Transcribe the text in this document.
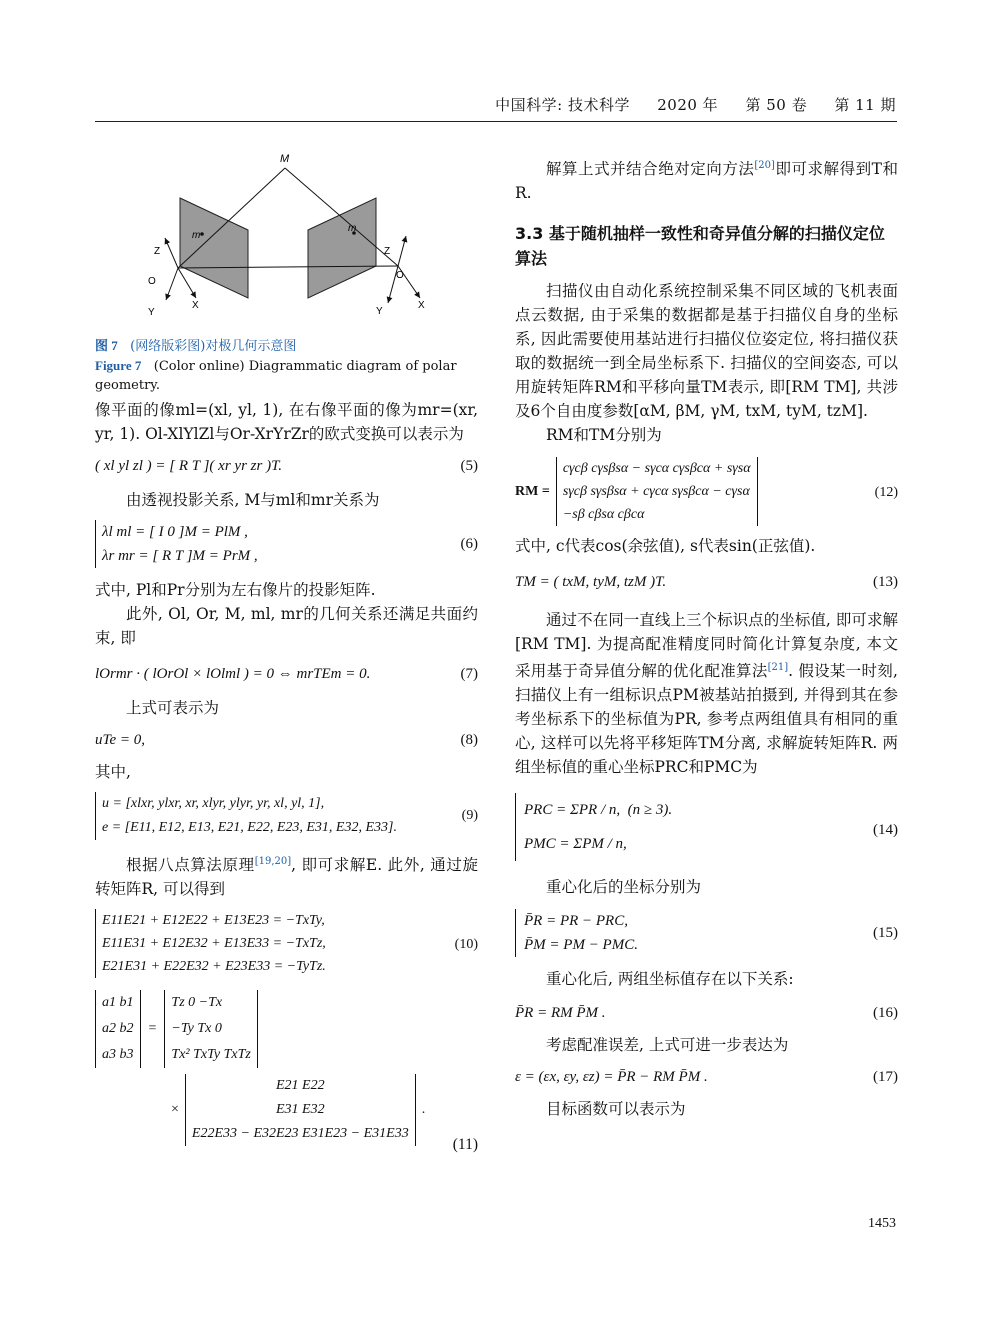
中国科学: 技术科学 2020 年 第 50 卷 第 11 期
M
m
m
Z
O
Y
X
Z
O
Y
X
图 7 (网络版彩图)对极几何示意图
Figure 7 (Color online) Diagrammatic diagram of polar geometry.

像平面的像ml=(xl, yl, 1), 在右像平面的像为mr=(xr, yr, 1). Ol-XlYlZl与Or-XrYrZr的欧式变换可以表示为

( xl yl zl ) = [ R T ]( xr yr zr )T.	(5)

由透视投影关系, M与ml和mr关系为

λl ml = [ I 0 ]M = PlM ,
λr mr = [ R T ]M = PrM ,
(6)

式中, Pl和Pr分别为左右像片的投影矩阵.

此外, Ol, Or, M, ml, mr的几何关系还满足共面约束, 即

lOrmr · ( lOrOl × lOlml ) = 0 ⇔ mrTEm = 0.	(7)

上式可表示为

uTe = 0,	(8)

其中,

u = [xlxr, ylxr, xr, xlyr, ylyr, yr, xl, yl, 1],
e = [E11, E12, E13, E21, E22, E23, E31, E32, E33].
(9)

根据八点算法原理[19,20], 即可求解E. 此外, 通过旋转矩阵R, 可以得到

E11E21 + E12E22 + E13E23 = −TxTy,
E11E31 + E12E32 + E13E33 = −TxTz,
E21E31 + E22E32 + E23E33 = −TyTz.
(10)
a1 b1
a2 b2
a3 b3
=
Tz 0 −Tx
−Ty Tx 0
Tx² TxTy TxTz
×
E21 E22
E31 E32
E22E33 − E32E23 E31E23 − E31E33
.
(11)

解算上式并结合绝对定向方法[20]即可求解得到T和R.

3.3 基于随机抽样一致性和奇异值分解的扫描仪定位算法

扫描仪由自动化系统控制采集不同区域的飞机表面点云数据, 由于采集的数据都是基于扫描仪自身的坐标系, 因此需要使用基站进行扫描仪位姿定位, 将扫描仪获取的数据统一到全局坐标系下. 扫描仪的空间姿态, 可以用旋转矩阵RM和平移向量TM表示, 即[RM TM], 共涉及6个自由度参数[αM, βM, γM, txM, tyM, tzM].

RM和TM分别为

RM =
cγcβ cγsβsα − sγcα cγsβcα + sγsα
sγcβ sγsβsα + cγcα sγsβcα − cγsα
−sβ cβsα cβcα
(12)

式中, c代表cos(余弦值), s代表sin(正弦值).

TM = ( txM, tyM, tzM )T.	(13)

通过不在同一直线上三个标识点的坐标值, 即可求解[RM TM]. 为提高配准精度同时简化计算复杂度, 本文采用基于奇异值分解的优化配准算法[21]. 假设某一时刻, 扫描仪上有一组标识点PM被基站拍摄到, 并得到其在参考坐标系下的坐标值为PR, 参考点两组值具有相同的重心, 这样可以先将平移矩阵TM分离, 求解旋转矩阵R. 两组坐标值的重心坐标PRC和PMC为

PRC = ΣPR / n, (n ≥ 3).
PMC = ΣPM / n,
(14)

重心化后的坐标分别为

P̄R = PR − PRC,
P̄M = PM − PMC.
(15)

重心化后, 两组坐标值存在以下关系:

P̄R = RM P̄M .	(16)

考虑配准误差, 上式可进一步表达为

ε = (εx, εy, εz) = P̄R − RM P̄M .	(17)

目标函数可以表示为

1453
